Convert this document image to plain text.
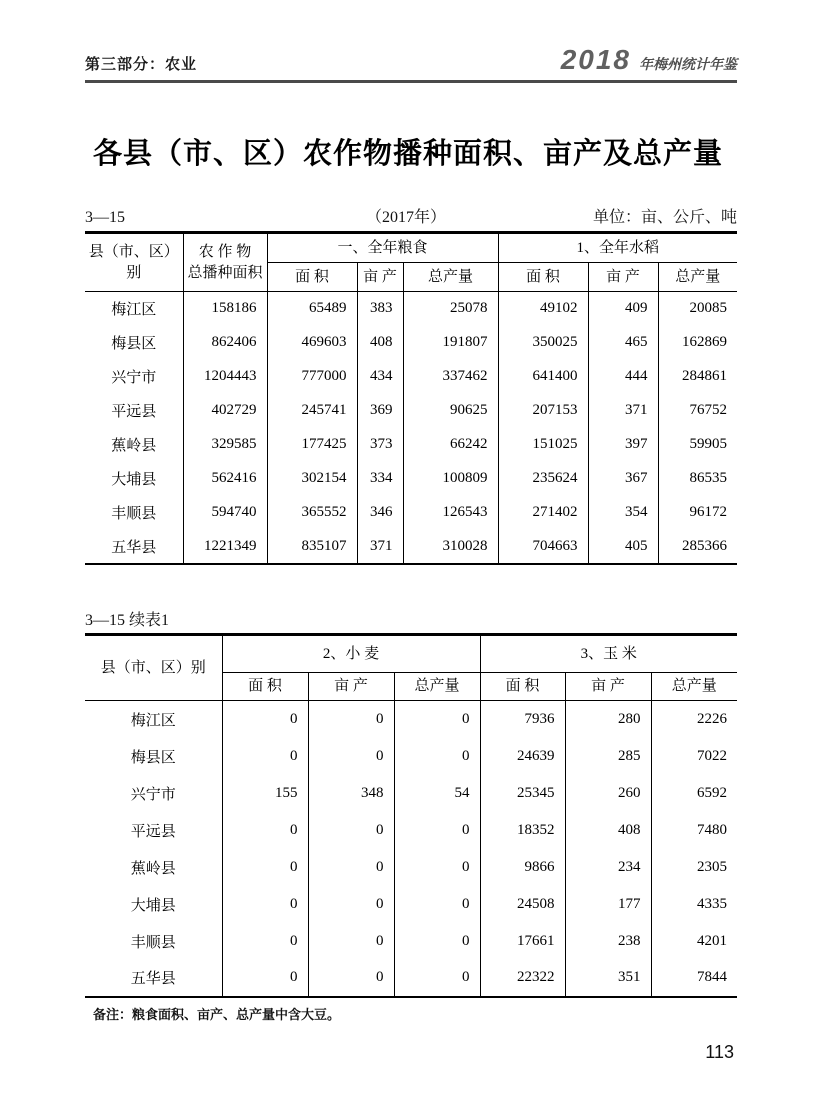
第三部分：农业	2018 年梅州统计年鉴
各县（市、区）农作物播种面积、亩产及总产量
3—15	（2017年）	单位：亩、公斤、吨
县（市、区）
别

农 作 物
总播种面积
	一、全年粮食	1、全年水稻
		面 积	亩 产	总产量	面 积	亩 产	总产量
梅江区	158186	65489	383	25078	49102	409	20085
梅县区	862406	469603	408	191807	350025	465	162869
兴宁市	1204443	777000	434	337462	641400	444	284861
平远县	402729	245741	369	90625	207153	371	76752
蕉岭县	329585	177425	373	66242	151025	397	59905
大埔县	562416	302154	334	100809	235624	367	86535
丰顺县	594740	365552	346	126543	271402	354	96172
五华县	1221349	835107	371	310028	704663	405	285366
3—15 续表1
县（市、区）别	2、小 麦			3、玉 米		
	面 积	亩 产	总产量	面 积	亩 产	总产量
梅江区	0	0	0	7936	280	2226
梅县区	0	0	0	24639	285	7022
兴宁市	155	348	54	25345	260	6592
平远县	0	0	0	18352	408	7480
蕉岭县	0	0	0	9866	234	2305
大埔县	0	0	0	24508	177	4335
丰顺县	0	0	0	17661	238	4201
五华县	0	0	0	22322	351	7844
备注：粮食面积、亩产、总产量中含大豆。
113
